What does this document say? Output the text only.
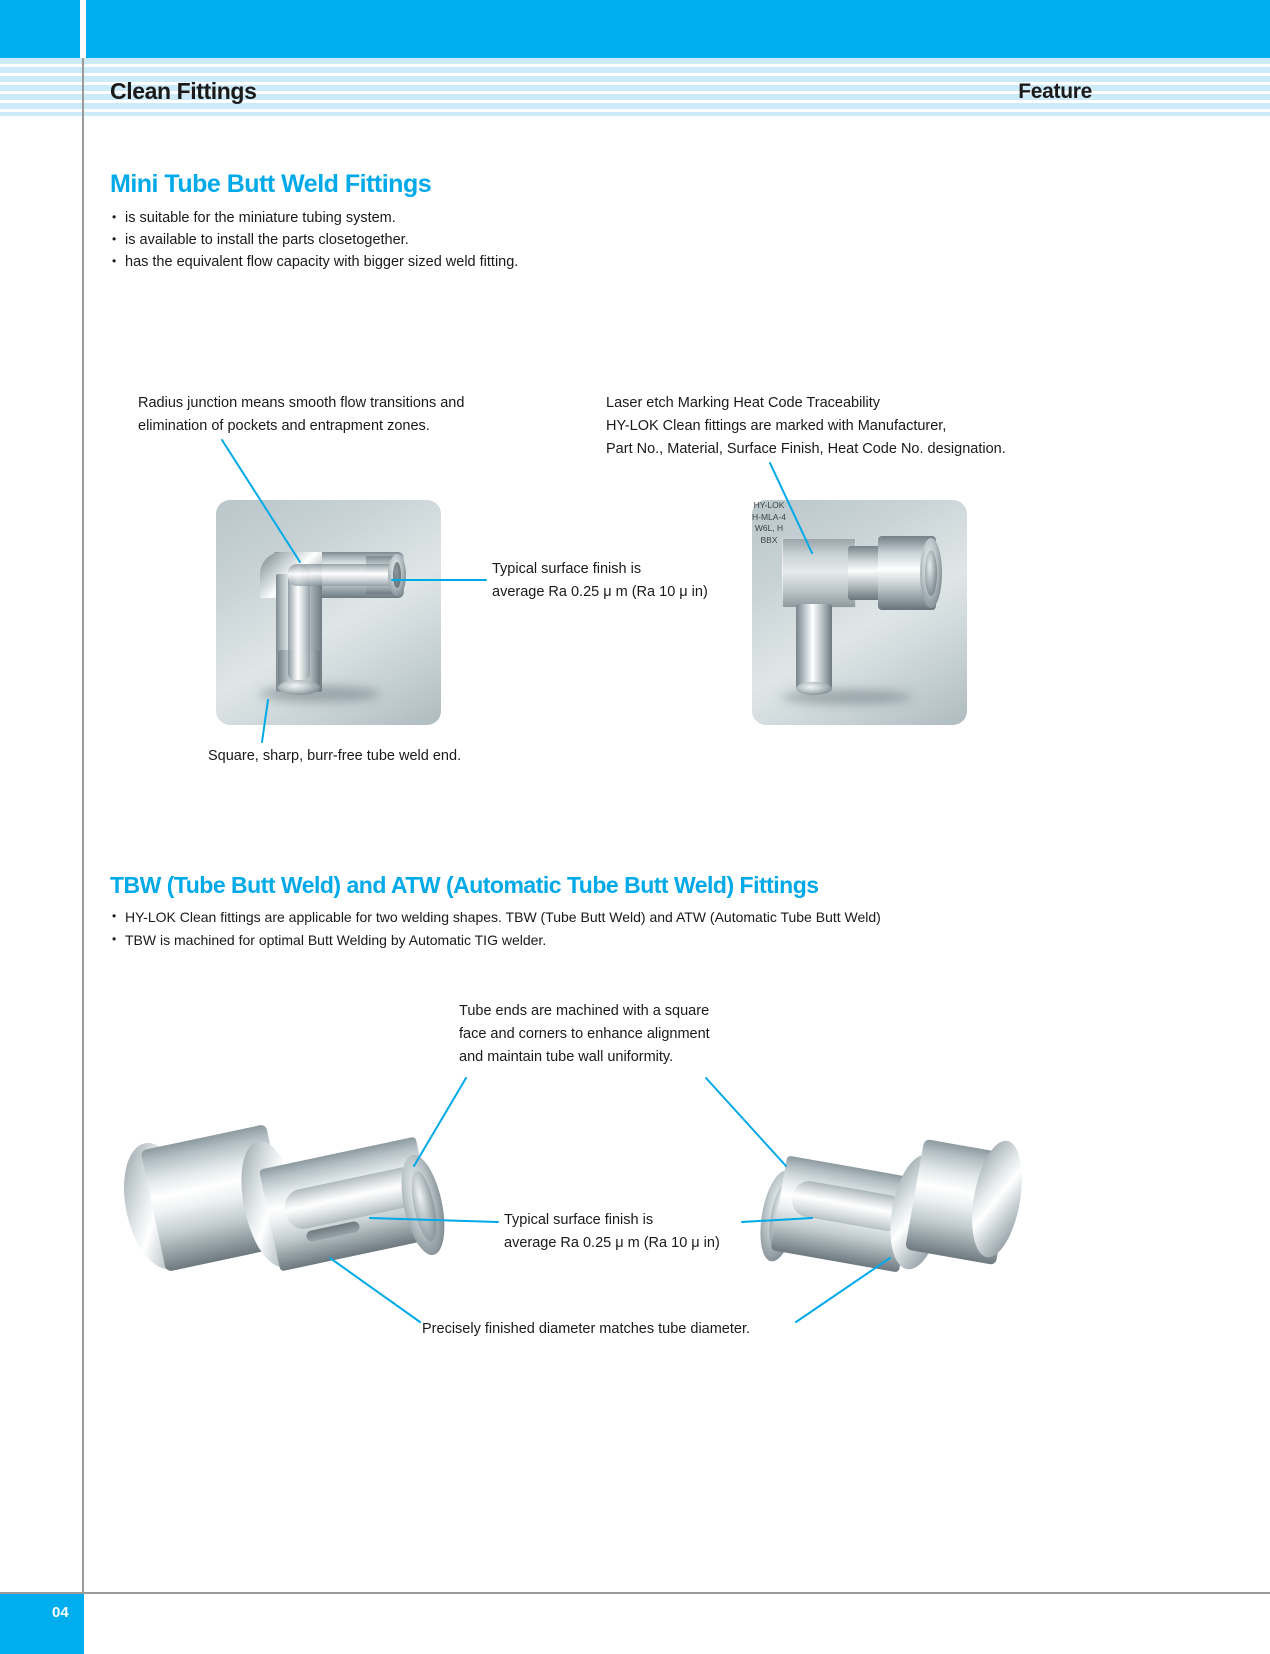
Clean Fittings	Feature
Mini Tube Butt Weld Fittings
• is suitable for the miniature tubing system.
• is available to install the parts closetogether.
• has the equivalent flow capacity with bigger sized weld fitting.
HY-LOK
H-MLA-4
W6L, H
BBX
Radius junction means smooth flow transitions and
elimination of pockets and entrapment zones.
Laser etch Marking Heat Code Traceability
HY-LOK Clean fittings are marked with Manufacturer,
Part No., Material, Surface Finish, Heat Code No. designation.
Typical surface finish is
average Ra 0.25 μ m (Ra 10 μ in)
Square, sharp, burr-free tube weld end.
TBW (Tube Butt Weld) and ATW (Automatic Tube Butt Weld) Fittings
• HY-LOK Clean fittings are applicable for two welding shapes. TBW (Tube Butt Weld) and ATW (Automatic Tube Butt Weld)
• TBW is machined for optimal Butt Welding by Automatic TIG welder.
Tube ends are machined with a square
face and corners to enhance alignment
and maintain tube wall uniformity.
Typical surface finish is
average Ra 0.25 μ m (Ra 10 μ in)
Precisely finished diameter matches tube diameter.
04
